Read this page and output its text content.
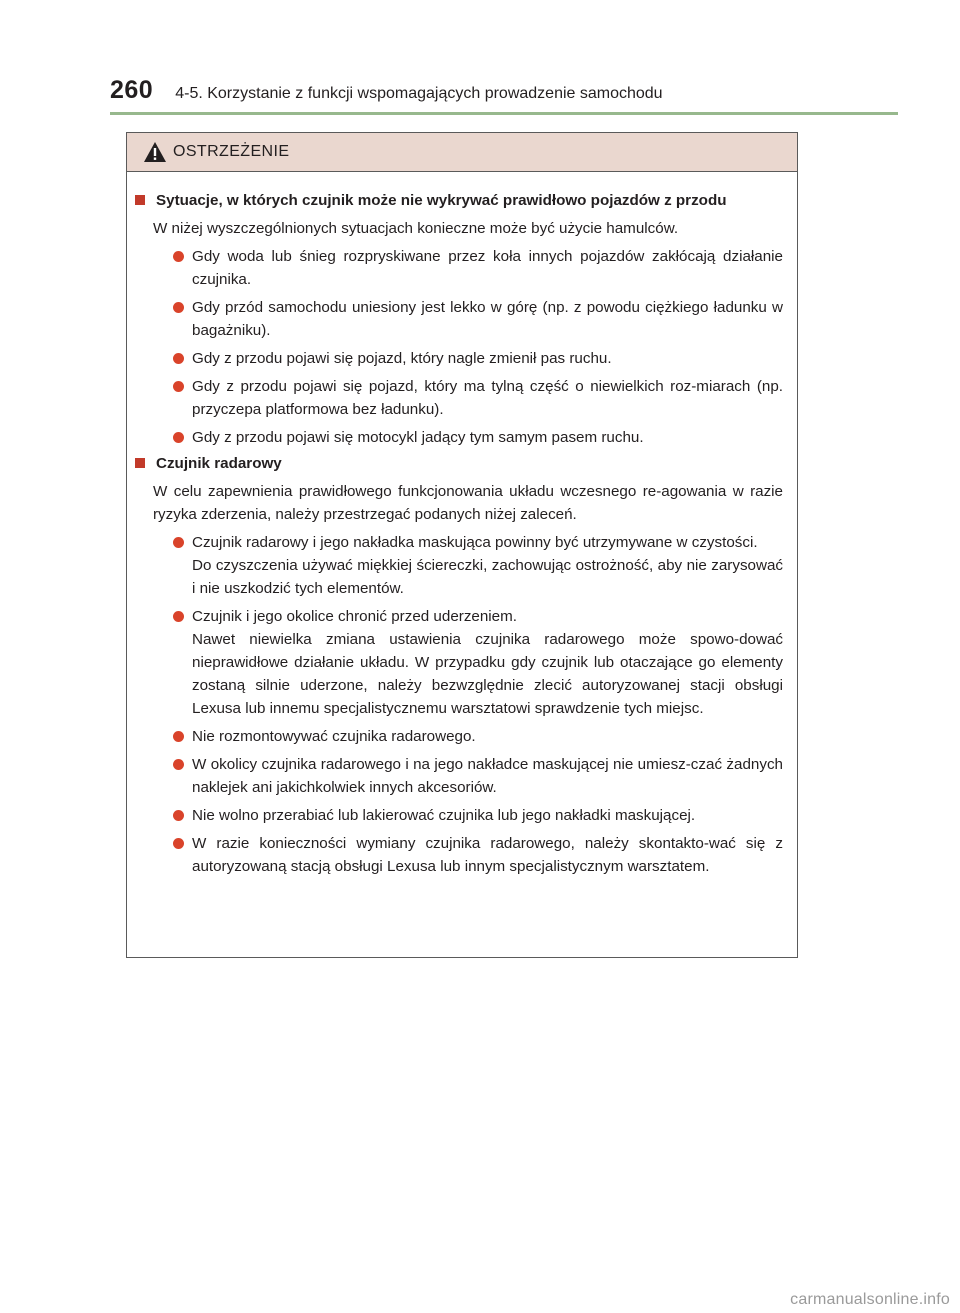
260 4-5. Korzystanie z funkcji wspomagających prowadzenie samochodu
OSTRZEŻENIE
Sytuacje, w których czujnik może nie wykrywać prawidłowo pojazdów z przodu
W niżej wyszczególnionych sytuacjach konieczne może być użycie hamulców.
Gdy woda lub śnieg rozpryskiwane przez koła innych pojazdów zakłócają działanie czujnika.
Gdy przód samochodu uniesiony jest lekko w górę (np. z powodu ciężkiego ładunku w bagażniku).
Gdy z przodu pojawi się pojazd, który nagle zmienił pas ruchu.
Gdy z przodu pojawi się pojazd, który ma tylną część o niewielkich roz-miarach (np. przyczepa platformowa bez ładunku).
Gdy z przodu pojawi się motocykl jadący tym samym pasem ruchu.
Czujnik radarowy
W celu zapewnienia prawidłowego funkcjonowania układu wczesnego re-agowania w razie ryzyka zderzenia, należy przestrzegać podanych niżej zaleceń.
Czujnik radarowy i jego nakładka maskująca powinny być utrzymywane w czystości.
Do czyszczenia używać miękkiej ściereczki, zachowując ostrożność, aby nie zarysować i nie uszkodzić tych elementów.
Czujnik i jego okolice chronić przed uderzeniem.
Nawet niewielka zmiana ustawienia czujnika radarowego może spowo-dować nieprawidłowe działanie układu. W przypadku gdy czujnik lub otaczające go elementy zostaną silnie uderzone, należy bezwzględnie zlecić autoryzowanej stacji obsługi Lexusa lub innemu specjalistycznemu warsztatowi sprawdzenie tych miejsc.
Nie rozmontowywać czujnika radarowego.
W okolicy czujnika radarowego i na jego nakładce maskującej nie umiesz-czać żadnych naklejek ani jakichkolwiek innych akcesoriów.
Nie wolno przerabiać lub lakierować czujnika lub jego nakładki maskującej.
W razie konieczności wymiany czujnika radarowego, należy skontakto-wać się z autoryzowaną stacją obsługi Lexusa lub innym specjalistycznym warsztatem.
carmanualsonline.info
